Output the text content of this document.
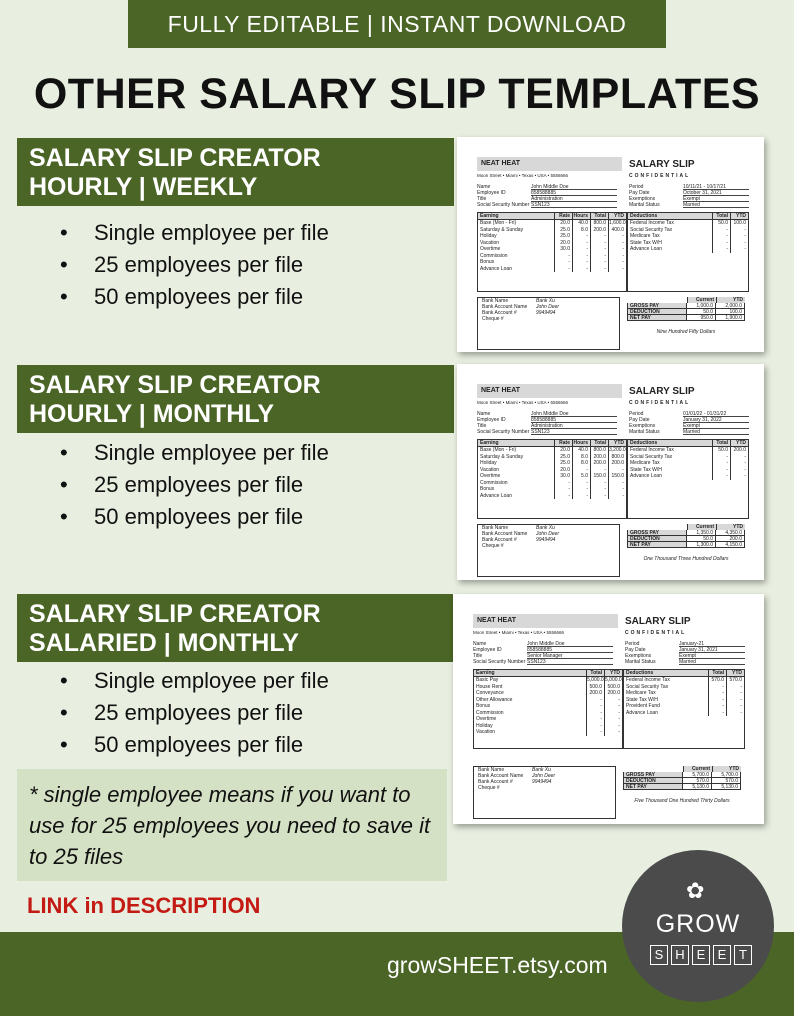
FULLY EDITABLE | INSTANT DOWNLOAD
OTHER SALARY SLIP TEMPLATES
SALARY SLIP CREATOR
HOURLY | WEEKLY
• Single employee per file
• 25 employees per file
• 50 employees per file
SALARY SLIP CREATOR
HOURLY | MONTHLY
• Single employee per file
• 25 employees per file
• 50 employees per file
SALARY SLIP CREATOR
SALARIED | MONTHLY
• Single employee per file
• 25 employees per file
• 50 employees per file
* single employee means if you want to use for 25 employees you need to save it to 25 files
LINK in DESCRIPTION
NEAT HEAT
Moon Street • Miami • Texas • USA • 5556666
SALARY SLIP
CONFIDENTIAL
Name	John Middle Doe
Employee ID	858588885
Title	Administration
Social Security Number SSN123
Period	10/11/21 - 10/17/21
Pay Date	October 31, 2021
Exemptions	Exempt
Marital Status	Married
Earning	Rate Hours	Total	YTD
Base (Mon - Fri)	20.0	40.0	800.0 1,600.0
Saturday & Sunday	25.0	8.0	200.0	400.0
Holiday	25.0	-	-	-
Vacation	20.0	-	-	-
Overtime	30.0	-	-	-
Commission	-	-	-	-
Bonus	-	-	-	-
Advance Loan	-	-	-	-
Deductions	Total	YTD
Federal Income Tax	50.0	100.0
Social Security Tax	-	-
Medicare Tax	-	-
State Tax W/H	-	-
Advance Loan	-	-
Bank Name	Bank Xu
Bank Account Name	John Deer
Bank Account #	9949494
Cheque #
Current	YTD
GROSS PAY	1,000.0	2,000.0
DEDUCTION	50.0	100.0
NET PAY	950.0	1,900.0
Nine Hundred Fifty Dollars
NEAT HEAT
Moon Street • Miami • Texas • USA • 5556666
SALARY SLIP
CONFIDENTIAL
Name	John Middle Doe
Employee ID	858588885
Title	Administration
Social Security Number SSN123
Period	01/01/22 - 01/31/22
Pay Date	January 31, 2022
Exemptions	Exempt
Marital Status	Married
Earning	Rate Hours	Total	YTD
Base (Mon - Fri)	20.0	40.0	800.0 3,200.0
Saturday & Sunday	25.0	8.0	200.0	800.0
Holiday	25.0	8.0	200.0	200.0
Vacation	20.0	-	-	-
Overtime	30.0	5.0	150.0	150.0
Commission	-	-	-	-
Bonus	-	-	-	-
Advance Loan	-	-	-	-
Deductions	Total	YTD
Federal Income Tax	50.0	200.0
Social Security Tax	-	-
Medicare Tax	-	-
State Tax W/H	-	-
Advance Loan	-	-
Bank Name	Bank Xu
Bank Account Name	John Deer
Bank Account #	9949494
Cheque #
Current	YTD
GROSS PAY	1,350.0	4,350.0
DEDUCTION	50.0	200.0
NET PAY	1,300.0	4,150.0
One Thousand Three Hundred Dollars
NEAT HEAT
Moon Street • Miami • Texas • USA • 5556666
SALARY SLIP
CONFIDENTIAL
Name	John Middle Doe
Employee ID	858588885
Title	Senior Manager
Social Security Number SSN123
Period	January-21
Pay Date	January 31, 2021
Exemptions	Exempt
Marital Status	Married
Earning	Total	YTD
Basic Pay	5,000.0 5,000.0
House Rent	500.0	500.0
Conveyance	200.0	200.0
Other Allowance	-	-
Bonus	-	-
Commission	-	-
Overtime	-	-
Holiday	-	-
Vacation	-	-
Deductions	Total	YTD
Federal Income Tax	570.0	570.0
Social Security Tax	-	-
Medicare Tax	-	-
State Tax W/H	-	-
Provident Fund	-	-
Advance Loan	-	-
Bank Name	Bank Xu
Bank Account Name	John Deer
Bank Account #	9949494
Cheque #
Current	YTD
GROSS PAY	5,700.0	5,700.0
DEDUCTION	570.0	570.0
NET PAY	5,130.0	5,130.0
Five Thousand One Hundred Thirty Dollars
growSHEET.etsy.com
✿
GROW
S H E E T
